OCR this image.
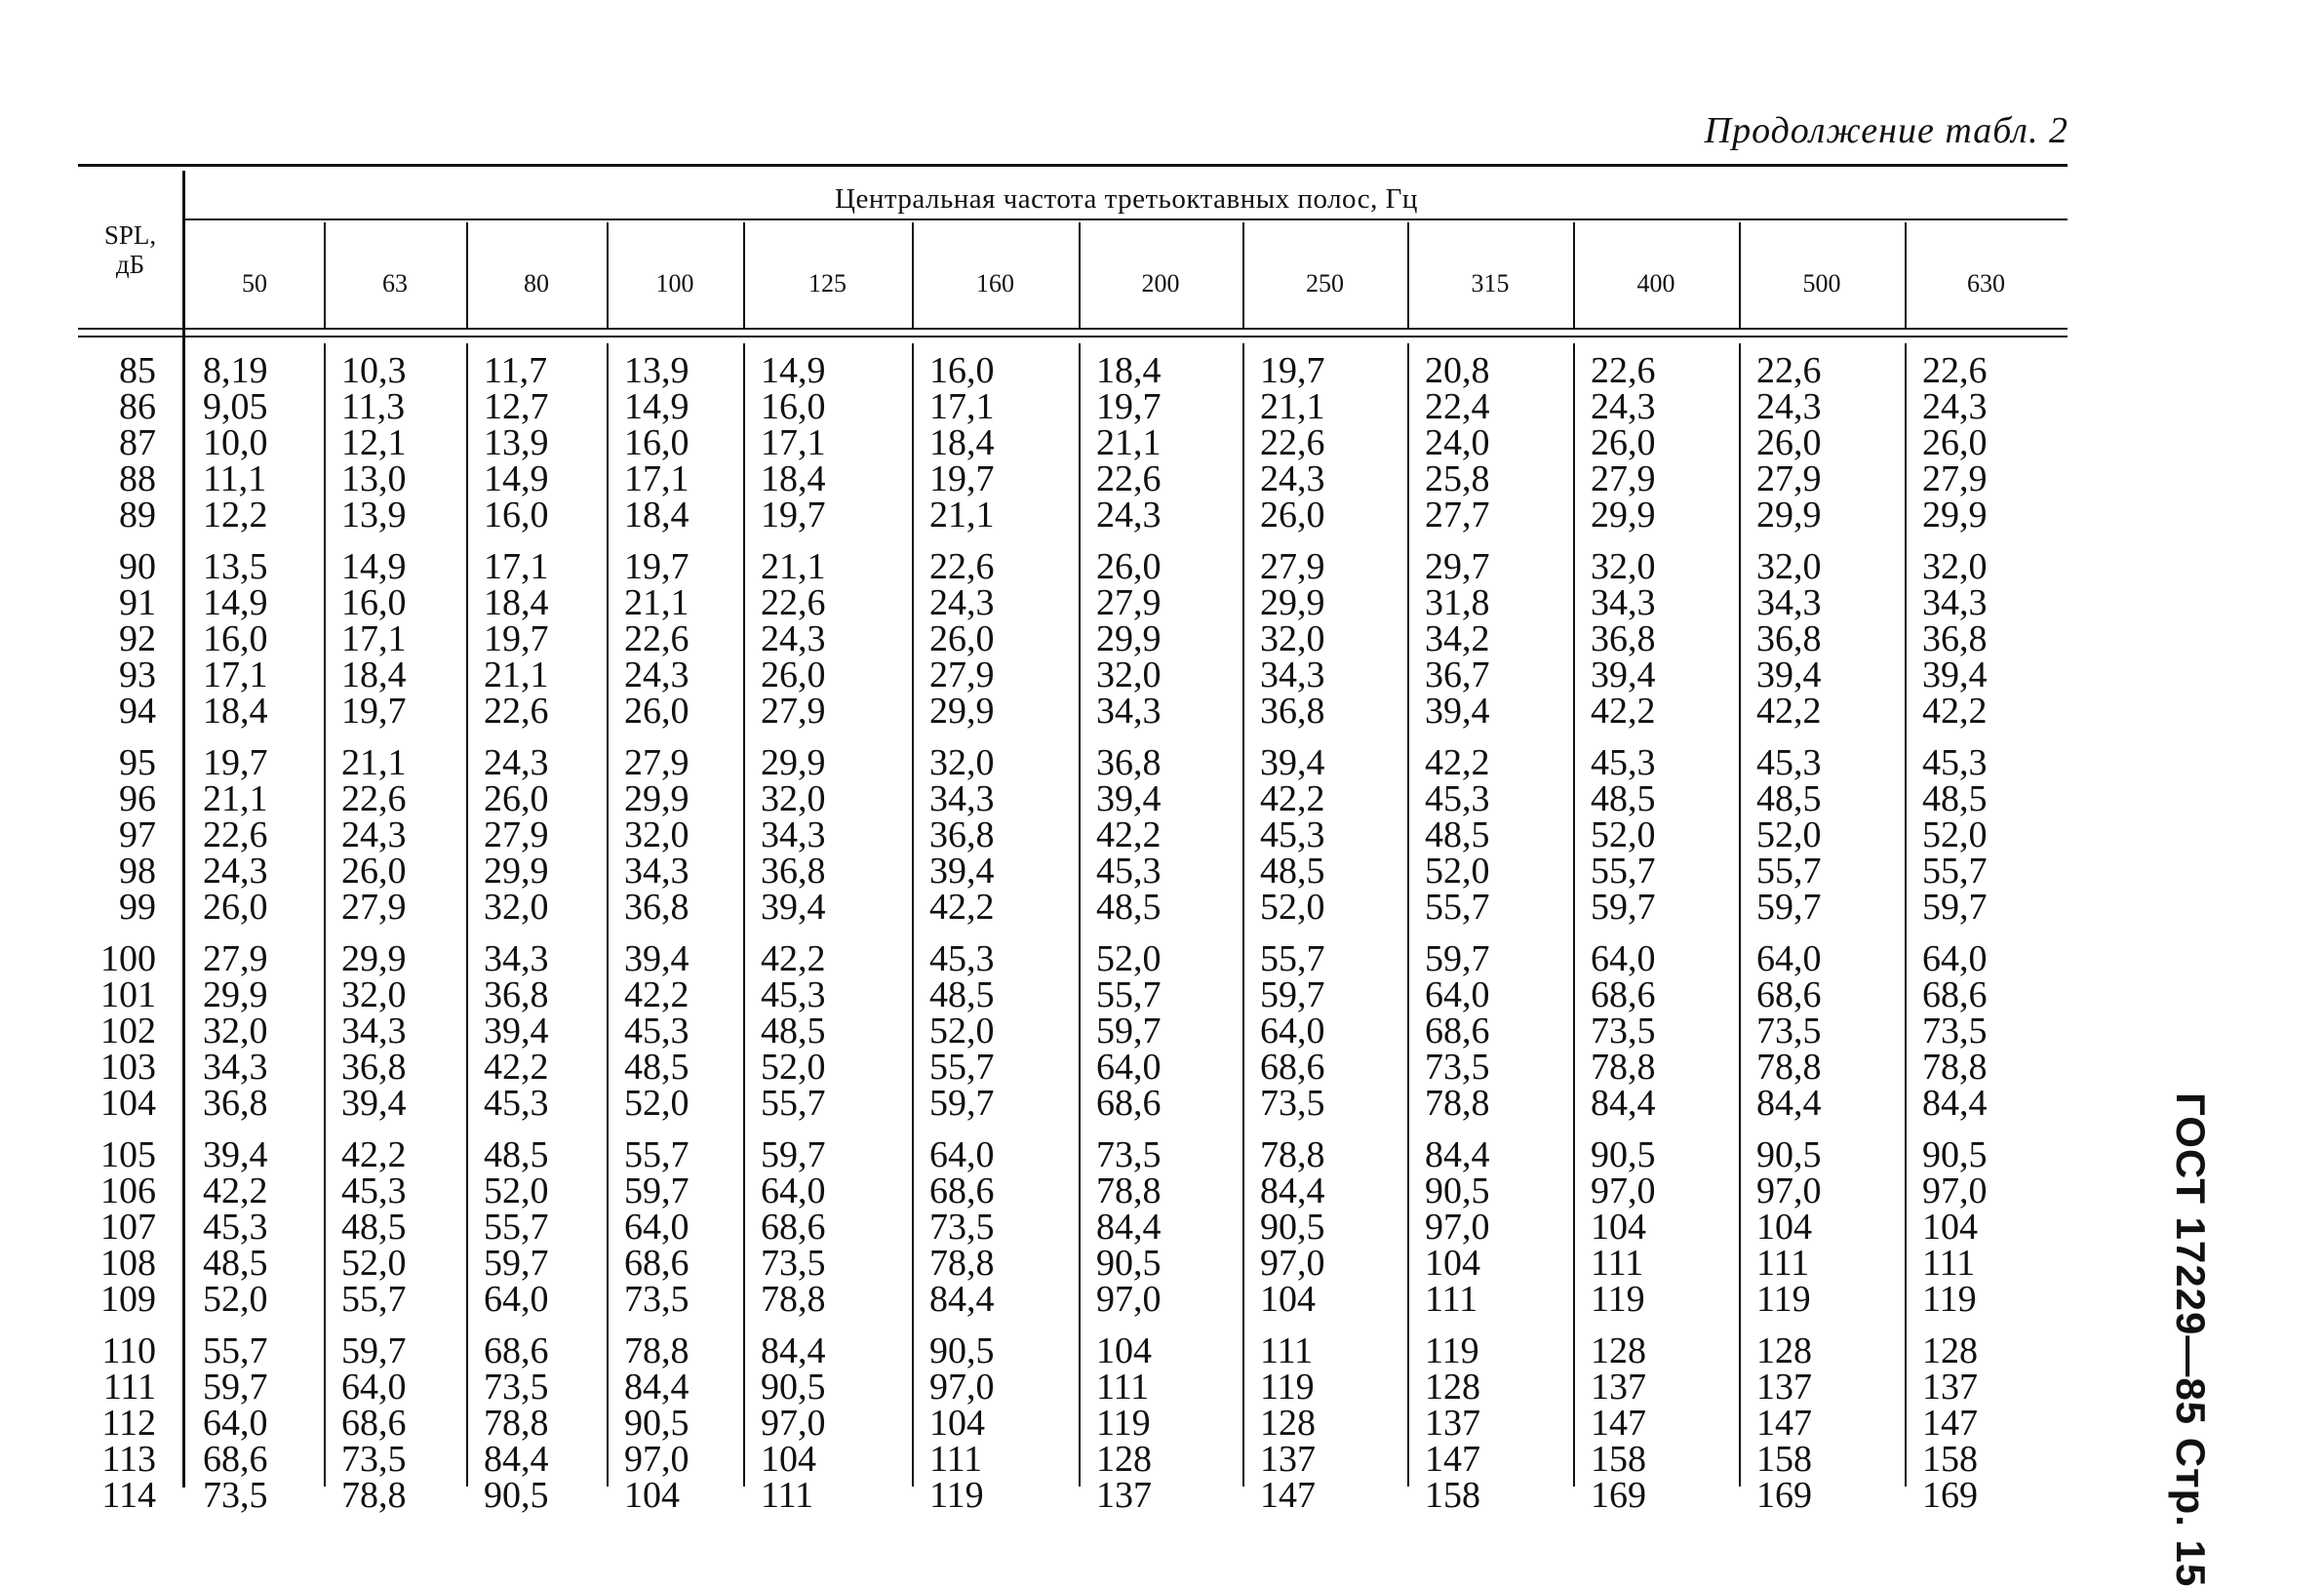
Продолжение табл. 2
SPL,
дБ
Центральная частота третьоктавных полос, Гц
50	63	80	100	125	160	200	250	315	400	500	630
85 8,19 10,3 11,7 13,9 14,9	16,0	18,4	19,7	20,8	22,6	22,6	22,6
86 9,05 11,3 12,7 14,9 16,0	17,1	19,7	21,1	22,4	24,3	24,3	24,3
87 10,0 12,1 13,9 16,0 17,1	18,4	21,1	22,6	24,0	26,0	26,0	26,0
88 11,1 13,0 14,9 17,1 18,4	19,7	22,6	24,3	25,8	27,9	27,9	27,9
89 12,2 13,9 16,0 18,4 19,7	21,1	24,3	26,0	27,7	29,9	29,9	29,9
90 13,5 14,9 17,1 19,7 21,1	22,6	26,0	27,9	29,7	32,0	32,0	32,0
91 14,9 16,0 18,4 21,1 22,6	24,3	27,9	29,9	31,8	34,3	34,3	34,3
92 16,0 17,1 19,7 22,6 24,3	26,0	29,9	32,0	34,2	36,8	36,8	36,8
93 17,1 18,4 21,1 24,3 26,0	27,9	32,0	34,3	36,7	39,4	39,4	39,4
94 18,4 19,7 22,6 26,0 27,9	29,9	34,3	36,8	39,4	42,2	42,2	42,2
95 19,7 21,1 24,3 27,9 29,9	32,0	36,8	39,4	42,2	45,3	45,3	45,3
96 21,1 22,6 26,0 29,9 32,0	34,3	39,4	42,2	45,3	48,5	48,5	48,5
97 22,6 24,3 27,9 32,0 34,3	36,8	42,2	45,3	48,5	52,0	52,0	52,0
98 24,3 26,0 29,9 34,3 36,8	39,4	45,3	48,5	52,0	55,7	55,7	55,7
99 26,0 27,9 32,0 36,8 39,4	42,2	48,5	52,0	55,7	59,7	59,7	59,7
100 27,9 29,9 34,3 39,4 42,2	45,3	52,0	55,7	59,7	64,0	64,0	64,0
101 29,9 32,0 36,8 42,2 45,3	48,5	55,7	59,7	64,0	68,6	68,6	68,6
102 32,0 34,3 39,4 45,3 48,5	52,0	59,7	64,0	68,6	73,5	73,5	73,5
103 34,3 36,8 42,2 48,5 52,0	55,7	64,0	68,6	73,5	78,8	78,8	78,8
104 36,8 39,4 45,3 52,0 55,7	59,7	68,6	73,5	78,8	84,4	84,4	84,4
105 39,4 42,2 48,5 55,7 59,7	64,0	73,5	78,8	84,4	90,5	90,5	90,5
106 42,2 45,3 52,0 59,7 64,0	68,6	78,8	84,4	90,5	97,0	97,0	97,0
107 45,3 48,5 55,7 64,0 68,6	73,5	84,4	90,5	97,0	104	104	104
108 48,5 52,0 59,7 68,6 73,5	78,8	90,5	97,0	104	111	111	111
109 52,0 55,7 64,0 73,5 78,8	84,4	97,0	104	111	119	119	119
110 55,7 59,7 68,6 78,8 84,4	90,5	104	111	119	128	128	128
111 59,7 64,0 73,5 84,4 90,5	97,0	111	119	128	137	137	137
112 64,0 68,6 78,8 90,5 97,0	104	119	128	137	147	147	147
113 68,6 73,5 84,4 97,0 104	111	128	137	147	158	158	158
114 73,5 78,8 90,5 104 111	119	137	147	158	169	169	169	ГОСТ 17229—85 Стр. 15
